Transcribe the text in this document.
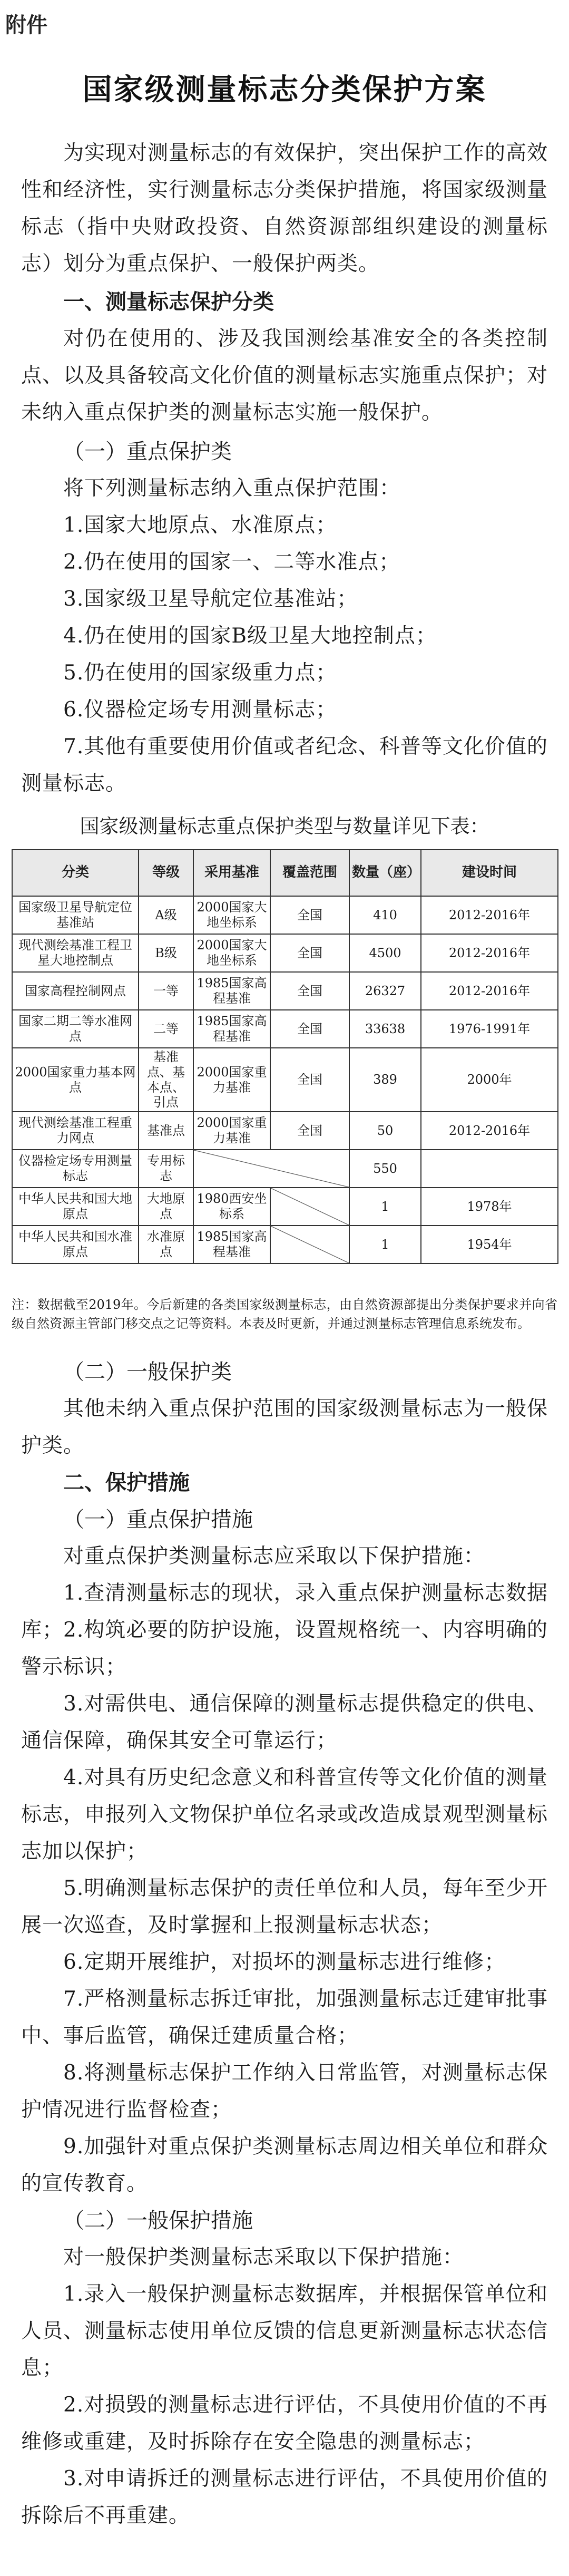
附件
国家级测量标志分类保护方案
为实现对测量标志的有效保护，突出保护工作的高效性和经济性，实行测量标志分类保护措施，将国家级测量标志（指中央财政投资、自然资源部组织建设的测量标志）划分为重点保护、一般保护两类。
一、测量标志保护分类
对仍在使用的、涉及我国测绘基准安全的各类控制点、以及具备较高文化价值的测量标志实施重点保护；对未纳入重点保护类的测量标志实施一般保护。
（一）重点保护类
将下列测量标志纳入重点保护范围：
1.国家大地原点、水准原点；
2.仍在使用的国家一、二等水准点；
3.国家级卫星导航定位基准站；
4.仍在使用的国家B级卫星大地控制点；
5.仍在使用的国家级重力点；
6.仪器检定场专用测量标志；
7.其他有重要使用价值或者纪念、科普等文化价值的测量标志。
国家级测量标志重点保护类型与数量详见下表：
分类	等级	采用基准	覆盖范围	数量（座）	建设时间
国家级卫星导航定位基准站	A级	2000国家大地坐标系	全国	410	2012-2016年
现代测绘基准工程卫星大地控制点	B级	2000国家大地坐标系	全国	4500	2012-2016年
国家高程控制网点	一等	1985国家高程基准	全国	26327	2012-2016年
国家二期二等水准网点	二等	1985国家高程基准	全国	33638	1976-1991年
2000国家重力基本网点	基准点、基本点、引点	2000国家重力基准	全国	389	2000年
现代测绘基准工程重力网点	基准点	2000国家重力基准	全国	50	2012-2016年
仪器检定场专用测量标志	专用标志			550	
中华人民共和国大地原点	大地原点	1980西安坐标系		1	1978年
中华人民共和国水准原点	水准原点	1985国家高程基准		1	1954年
注：数据截至2019年。今后新建的各类国家级测量标志，由自然资源部提出分类保护要求并向省级自然资源主管部门移交点之记等资料。本表及时更新，并通过测量标志管理信息系统发布。
（二）一般保护类
其他未纳入重点保护范围的国家级测量标志为一般保护类。
二、保护措施
（一）重点保护措施
对重点保护类测量标志应采取以下保护措施：
1.查清测量标志的现状，录入重点保护测量标志数据库； 2.构筑必要的防护设施，设置规格统一、内容明确的警示标识；
3.对需供电、通信保障的测量标志提供稳定的供电、通信保障，确保其安全可靠运行；
4.对具有历史纪念意义和科普宣传等文化价值的测量标志，申报列入文物保护单位名录或改造成景观型测量标志加以保护；
5.明确测量标志保护的责任单位和人员，每年至少开展一次巡查，及时掌握和上报测量标志状态；
6.定期开展维护，对损坏的测量标志进行维修；
7.严格测量标志拆迁审批，加强测量标志迁建审批事中、事后监管，确保迁建质量合格；
8.将测量标志保护工作纳入日常监管，对测量标志保护情况进行监督检查；
9.加强针对重点保护类测量标志周边相关单位和群众的宣传教育。
（二）一般保护措施
对一般保护类测量标志采取以下保护措施：
1.录入一般保护测量标志数据库，并根据保管单位和人员、测量标志使用单位反馈的信息更新测量标志状态信息；
2.对损毁的测量标志进行评估，不具使用价值的不再维修或重建，及时拆除存在安全隐患的测量标志；
3.对申请拆迁的测量标志进行评估，不具使用价值的拆除后不再重建。
